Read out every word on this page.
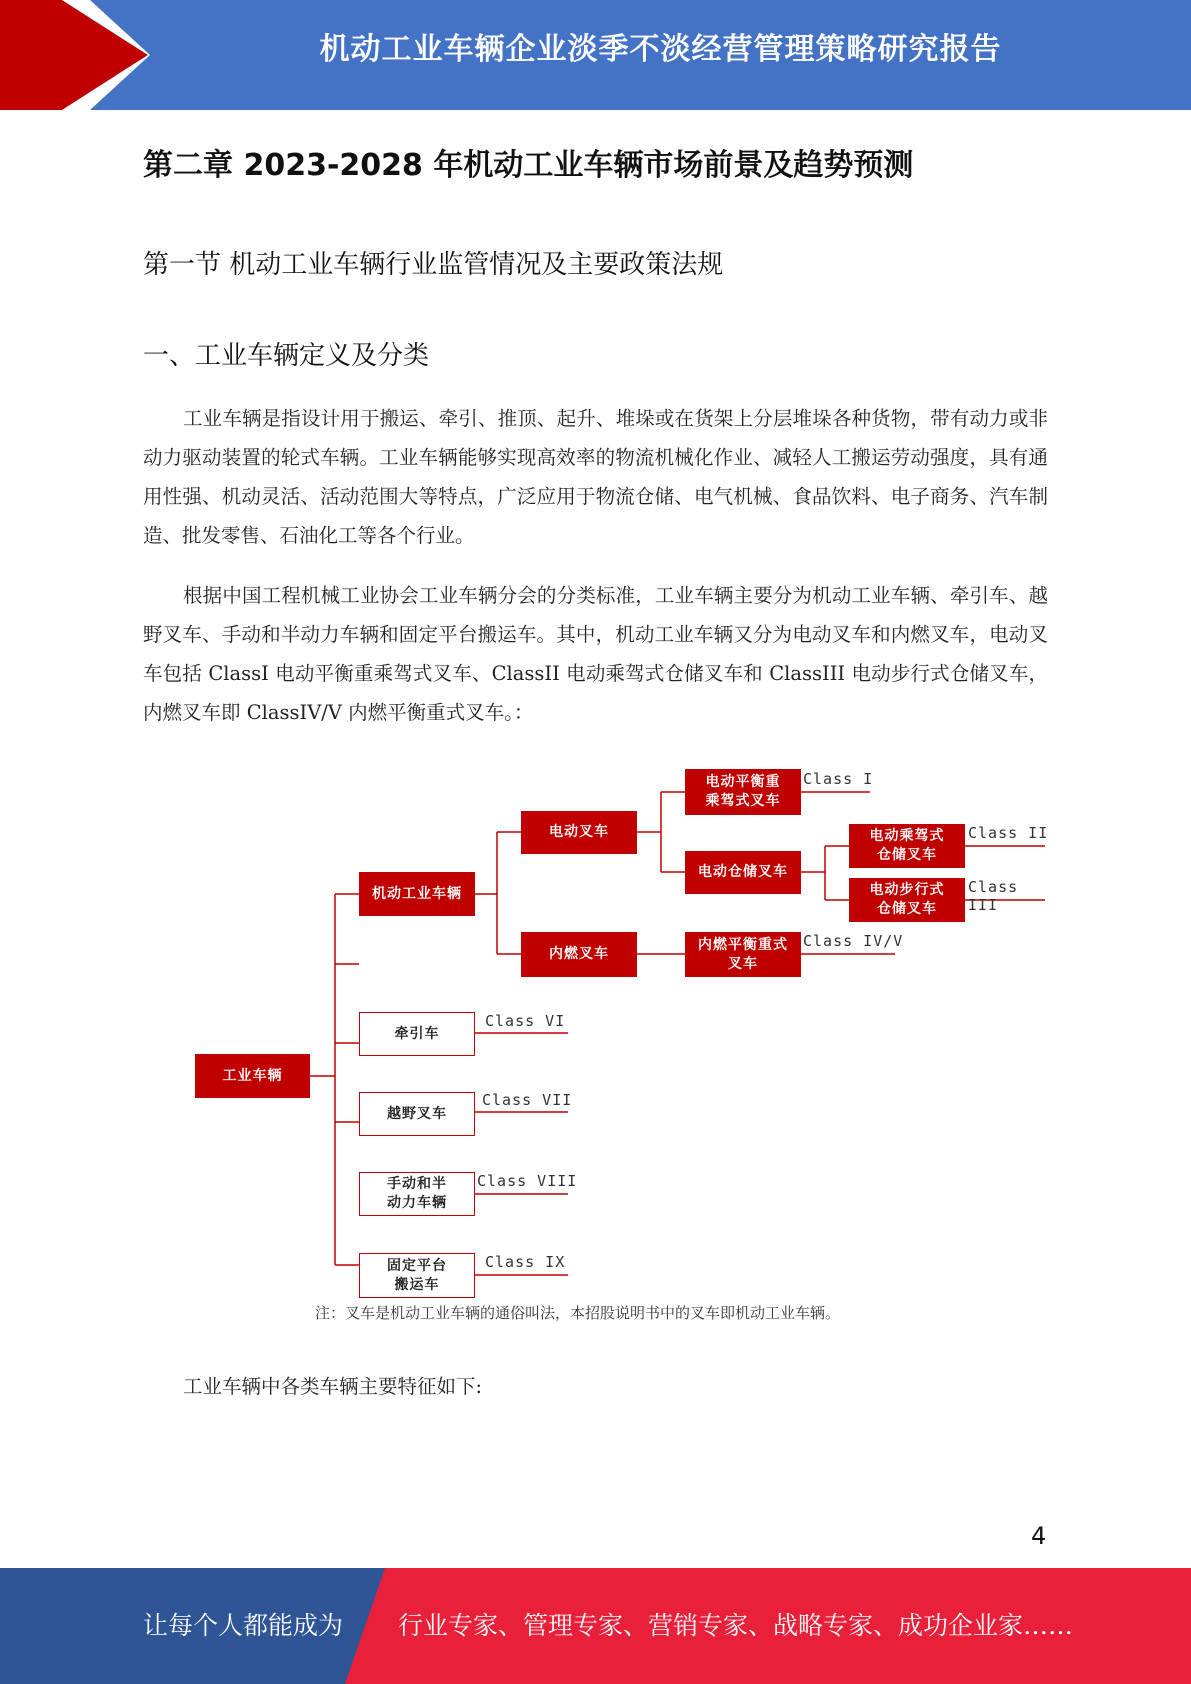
机动工业车辆企业淡季不淡经营管理策略研究报告
第二章 2023-2028 年机动工业车辆市场前景及趋势预测
第一节 机动工业车辆行业监管情况及主要政策法规
一、工业车辆定义及分类

工业车辆是指设计用于搬运、牵引、推顶、起升、堆垛或在货架上分层堆垛各种货物，带有动力或非动力驱动装置的轮式车辆。工业车辆能够实现高效率的物流机械化作业、减轻人工搬运劳动强度，具有通用性强、机动灵活、活动范围大等特点，广泛应用于物流仓储、电气机械、食品饮料、电子商务、汽车制造、批发零售、石油化工等各个行业。

根据中国工程机械工业协会工业车辆分会的分类标准，工业车辆主要分为机动工业车辆、牵引车、越野叉车、手动和半动力车辆和固定平台搬运车。其中，机动工业车辆又分为电动叉车和内燃叉车，电动叉车包括 ClassI 电动平衡重乘驾式叉车、ClassII 电动乘驾式仓储叉车和 ClassIII 电动步行式仓储叉车，内燃叉车即 ClassIV/V 内燃平衡重式叉车。：

工业车辆
机动工业车辆
电动叉车
内燃叉车
电动平衡重
乘驾式叉车
电动仓储叉车
电动乘驾式
仓储叉车
电动步行式
仓储叉车
内燃平衡重式
叉车
牵引车
越野叉车
手动和半
动力车辆
固定平台
搬运车
Class I
Class II
Class III
Class IV/V
Class VI
Class VII
Class VIII
Class IX
注：叉车是机动工业车辆的通俗叫法，本招股说明书中的叉车即机动工业车辆。

工业车辆中各类车辆主要特征如下:

4
让每个人都能成为 行业专家、管理专家、营销专家、战略专家、成功企业家……
